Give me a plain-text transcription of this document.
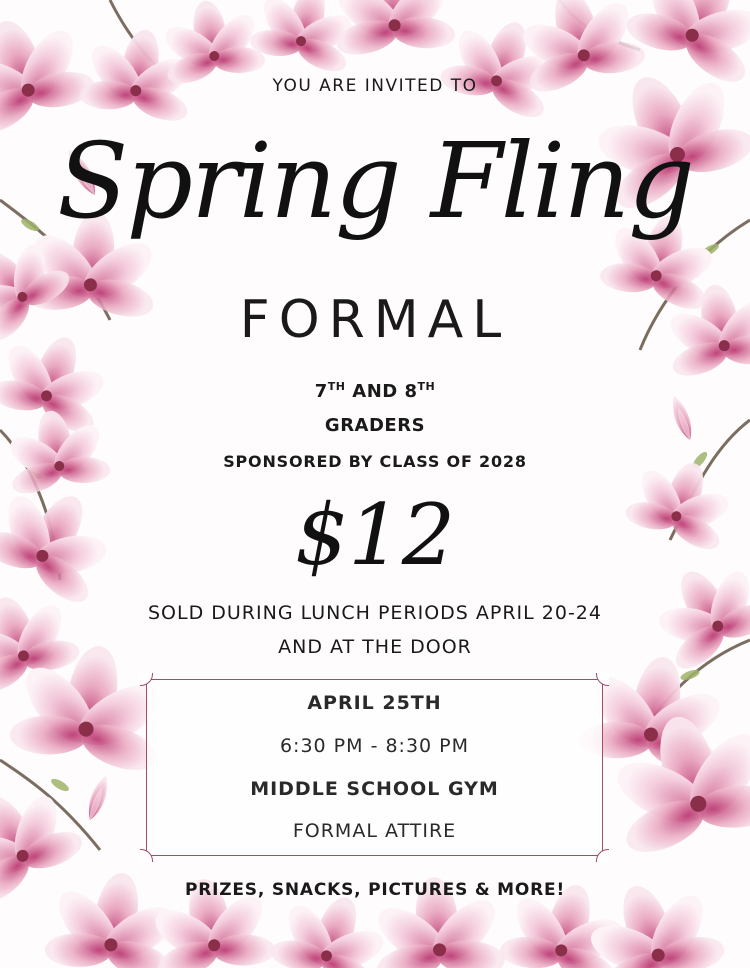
YOU ARE INVITED TO
Spring Fling
FORMAL
7TH AND 8TH
GRADERS
SPONSORED BY CLASS OF 2028
$12
SOLD DURING LUNCH PERIODS APRIL 20-24
AND AT THE DOOR
APRIL 25TH
6:30 PM - 8:30 PM
MIDDLE SCHOOL GYM
FORMAL ATTIRE
PRIZES, SNACKS, PICTURES & MORE!
